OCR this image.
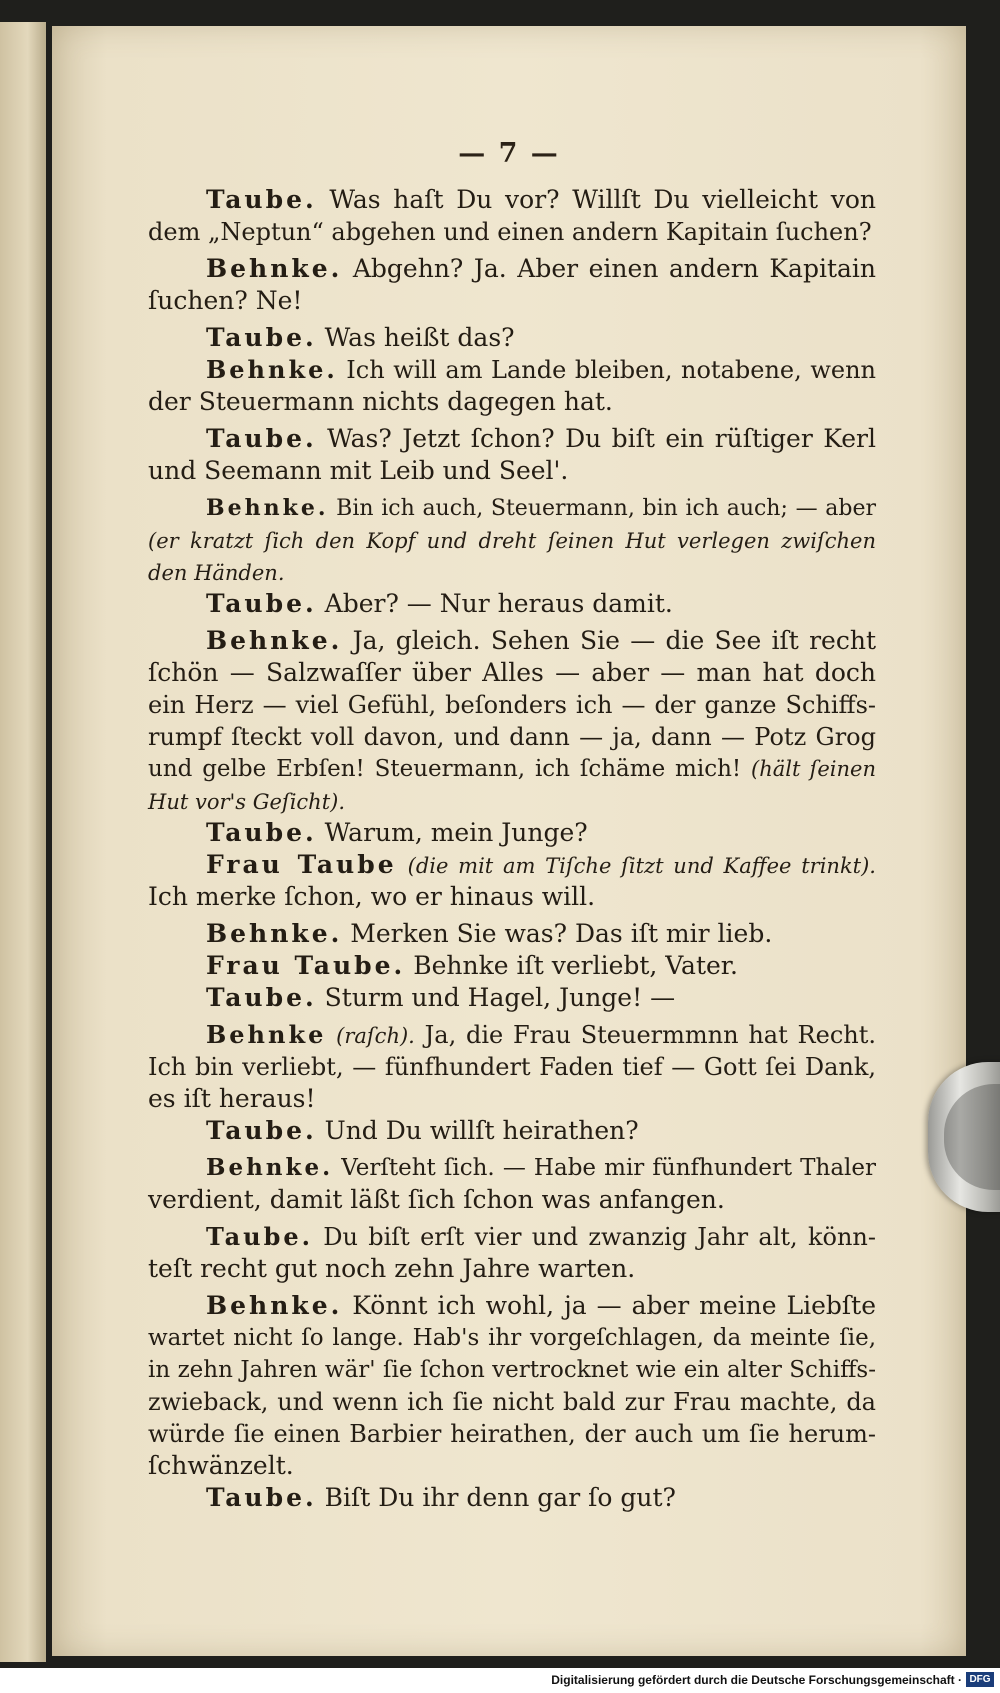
— 7 —
Taube. Was haſt Du vor? Willſt Du vielleicht von
dem „Neptun“ abgehen und einen andern Kapitain ſuchen?
Behnke. Abgehn? Ja. Aber einen andern Kapitain
ſuchen? Ne!
Taube. Was heißt das?
Behnke. Ich will am Lande bleiben, notabene, wenn
der Steuermann nichts dagegen hat.
Taube. Was? Jetzt ſchon? Du biſt ein rüſtiger Kerl
und Seemann mit Leib und Seel'.
Behnke. Bin ich auch, Steuermann, bin ich auch; — aber
(er kratzt ſich den Kopf und dreht ſeinen Hut verlegen zwiſchen
den Händen.
Taube. Aber? — Nur heraus damit.
Behnke. Ja, gleich. Sehen Sie — die See iſt recht
ſchön — Salzwaſſer über Alles — aber — man hat doch
ein Herz — viel Gefühl, beſonders ich — der ganze Schiffs-
rumpf ſteckt voll davon, und dann — ja, dann — Potz Grog
und gelbe Erbſen! Steuermann, ich ſchäme mich! (hält ſeinen
Hut vor's Geſicht).
Taube. Warum, mein Junge?
Frau Taube (die mit am Tiſche ſitzt und Kaffee trinkt).
Ich merke ſchon, wo er hinaus will.
Behnke. Merken Sie was? Das iſt mir lieb.
Frau Taube. Behnke iſt verliebt, Vater.
Taube. Sturm und Hagel, Junge! —
Behnke (raſch). Ja, die Frau Steuermmnn hat Recht.
Ich bin verliebt, — fünfhundert Faden tief — Gott ſei Dank,
es iſt heraus!
Taube. Und Du willſt heirathen?
Behnke. Verſteht ſich. — Habe mir fünfhundert Thaler
verdient, damit läßt ſich ſchon was anfangen.
Taube. Du biſt erſt vier und zwanzig Jahr alt, könn-
teſt recht gut noch zehn Jahre warten.
Behnke. Könnt ich wohl, ja — aber meine Liebſte
wartet nicht ſo lange. Hab's ihr vorgeſchlagen, da meinte ſie,
in zehn Jahren wär' ſie ſchon vertrocknet wie ein alter Schiffs-
zwieback, und wenn ich ſie nicht bald zur Frau machte, da
würde ſie einen Barbier heirathen, der auch um ſie herum-
ſchwänzelt.
Taube. Biſt Du ihr denn gar ſo gut?
Digitalisierung gefördert durch die Deutsche Forschungsgemeinschaft · DFG
